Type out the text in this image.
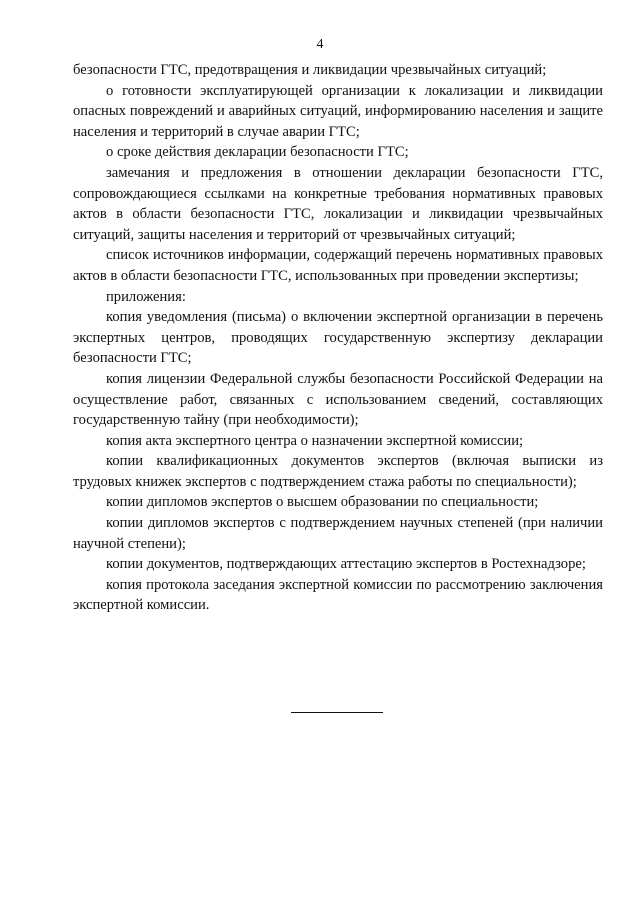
4

безопасности ГТС, предотвращения и ликвидации чрезвычайных ситуаций;

о готовности эксплуатирующей организации к локализации и ликвидации опасных повреждений и аварийных ситуаций, информированию населения и защите населения и территорий в случае аварии ГТС;

о сроке действия декларации безопасности ГТС;

замечания и предложения в отношении декларации безопасности ГТС, сопровождающиеся ссылками на конкретные требования нормативных правовых актов в области безопасности ГТС, локализации и ликвидации чрезвычайных ситуаций, защиты населения и территорий от чрезвычайных ситуаций;

список источников информации, содержащий перечень нормативных правовых актов в области безопасности ГТС, использованных при проведении экспертизы;

приложения:

копия уведомления (письма) о включении экспертной организации в перечень экспертных центров, проводящих государственную экспертизу декларации безопасности ГТС;

копия лицензии Федеральной службы безопасности Российской Федерации на осуществление работ, связанных с использованием сведений, составляющих государственную тайну (при необходимости);

копия акта экспертного центра о назначении экспертной комиссии;

копии квалификационных документов экспертов (включая выписки из трудовых книжек экспертов с подтверждением стажа работы по специальности);

копии дипломов экспертов о высшем образовании по специальности;

копии дипломов экспертов с подтверждением научных степеней (при наличии научной степени);

копии документов, подтверждающих аттестацию экспертов в Ростехнадзоре;

копия протокола заседания экспертной комиссии по рассмотрению заключения экспертной комиссии.
